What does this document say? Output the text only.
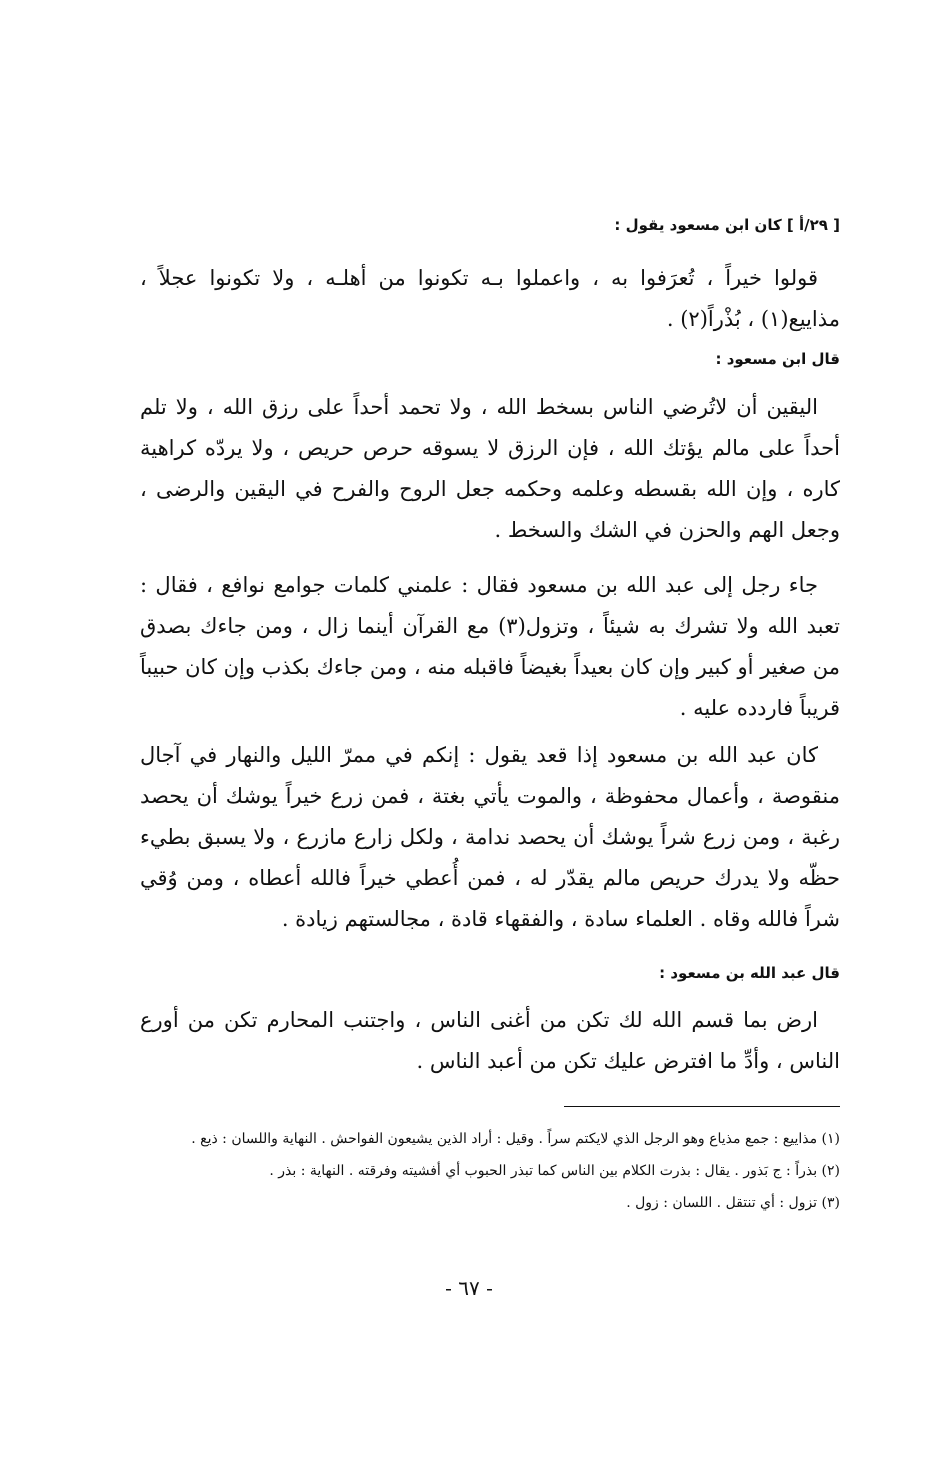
[ ٢٩/أ ] كان ابن مسعود يقول :
قولوا خيراً ، تُعرَفوا به ، واعملوا بـه تكونوا من أهلـه ، ولا تكونوا عجلاً ، مذاييع(١) ، بُذْراً(٢) .
قال ابن مسعود :
اليقين أن لاتُرضي الناس بسخط الله ، ولا تحمد أحداً على رزق الله ، ولا تلم أحداً على مالم يؤتك الله ، فإن الرزق لا يسوقه حرص حريص ، ولا يردّه كراهية كاره ، وإن الله بقسطه وعلمه وحكمه جعل الروح والفرح في اليقين والرضى ، وجعل الهم والحزن في الشك والسخط .
جاء رجل إلى عبد الله بن مسعود فقال : علمني كلمات جوامع نوافع ، فقال : تعبد الله ولا تشرك به شيئاً ، وتزول(٣) مع القرآن أينما زال ، ومن جاءك بصدق من صغير أو كبير وإن كان بعيداً بغيضاً فاقبله منه ، ومن جاءك بكذب وإن كان حبيباً قريباً فاردده عليه .
كان عبد الله بن مسعود إذا قعد يقول : إنكم في ممرّ الليل والنهار في آجال منقوصة ، وأعمال محفوظة ، والموت يأتي بغتة ، فمن زرع خيراً يوشك أن يحصد رغبة ، ومن زرع شراً يوشك أن يحصد ندامة ، ولكل زارع مازرع ، ولا يسبق بطيء حظّه ولا يدرك حريص مالم يقدّر له ، فمن أُعطي خيراً فالله أعطاه ، ومن وُقي شراً فالله وقاه . العلماء سادة ، والفقهاء قادة ، مجالستهم زيادة .
قال عبد الله بن مسعود :
ارض بما قسم الله لك تكن من أغنى الناس ، واجتنب المحارم تكن من أورع الناس ، وأدِّ ما افترض عليك تكن من أعبد الناس .

(١) مذاييع : جمع مذياع وهو الرجل الذي لايكتم سراً . وقيل : أراد الذين يشيعون الفواحش . النهاية واللسان : ذيع .

(٢) بذراً : ج بَذور . يقال : بذرت الكلام بين الناس كما تبذر الحبوب أي أفشيته وفرقته . النهاية : بذر .

(٣) تزول : أي تنتقل . اللسان : زول .

- ٦٧ -
